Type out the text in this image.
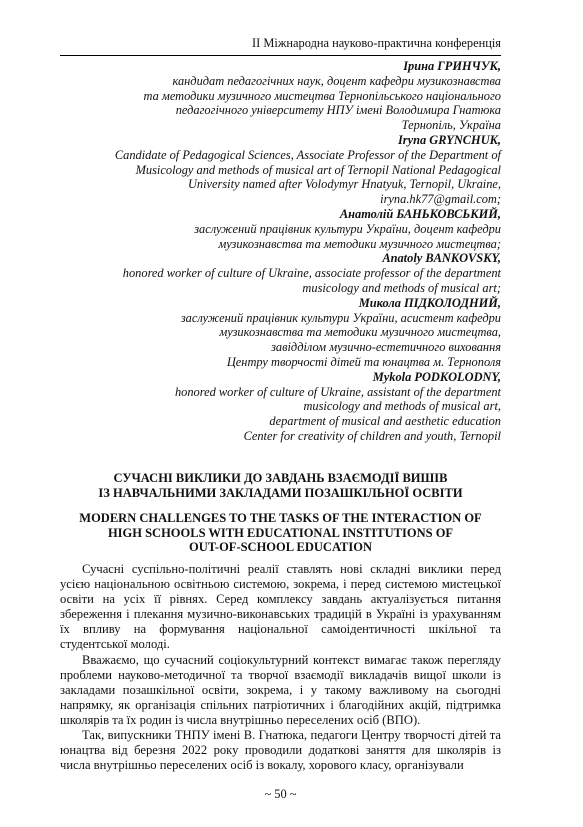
II Міжнародна науково-практична конференція
Ірина ГРИНЧУК,
кандидат педагогічних наук, доцент кафедри музикознавства
та методики музичного мистецтва Тернопільського національного
педагогічного університету НПУ імені Володимира Гнатюка
Тернопіль, Україна
Iryna GRYNCHUK,
Candidate of Pedagogical Sciences, Associate Professor of the Department of
Musicology and methods of musical art of Ternopil National Pedagogical
University named after Volodymyr Hnatyuk, Ternopil, Ukraine,
iryna.hk77@gmail.com;
Анатолій БАНЬКОВСЬКИЙ,
заслужений працівник культури України, доцент кафедри
музикознавства та методики музичного мистецтва;
Anatoly BANKOVSKY,
honored worker of culture of Ukraine, associate professor of the department
musicology and methods of musical art;
Микола ПІДКОЛОДНИЙ,
заслужений працівник культури України, асистент кафедри
музикознавства та методики музичного мистецтва,
завідділом музично-естетичного виховання
Центру творчості дітей та юнацтва м. Тернополя
Mykola PODKOLODNY,
honored worker of culture of Ukraine, assistant of the department
musicology and methods of musical art,
department of musical and aesthetic education
Center for creativity of children and youth, Ternopil
СУЧАСНІ ВИКЛИКИ ДО ЗАВДАНЬ ВЗАЄМОДІЇ ВИШІВ
ІЗ НАВЧАЛЬНИМИ ЗАКЛАДАМИ ПОЗАШКІЛЬНОЇ ОСВІТИ
MODERN CHALLENGES TO THE TASKS OF THE INTERACTION OF
HIGH SCHOOLS WITH EDUCATIONAL INSTITUTIONS OF
OUT-OF-SCHOOL EDUCATION

Сучасні суспільно-політичні реалії ставлять нові складні виклики перед усією національною освітньою системою, зокрема, і перед системою мистецької освіти на усіх її рівнях. Серед комплексу завдань актуалізується питання збереження і плекання музично-виконавських традицій в Україні із урахуванням їх впливу на формування національної самоідентичності шкільної та студентської молоді.

Вважаємо, що сучасний соціокультурний контекст вимагає також перегляду проблеми науково-методичної та творчої взаємодії викладачів вищої школи із закладами позашкільної освіти, зокрема, і у такому важливому на сьогодні напрямку, як організація спільних патріотичних і благодійних акцій, підтримка школярів та їх родин із числа внутрішньо переселених осіб (ВПО).

Так, випускники ТНПУ імені В. Гнатюка, педагоги Центру творчості дітей та юнацтва від березня 2022 року проводили додаткові заняття для школярів із числа внутрішньо переселених осіб із вокалу, хорового класу, організували

~ 50 ~
